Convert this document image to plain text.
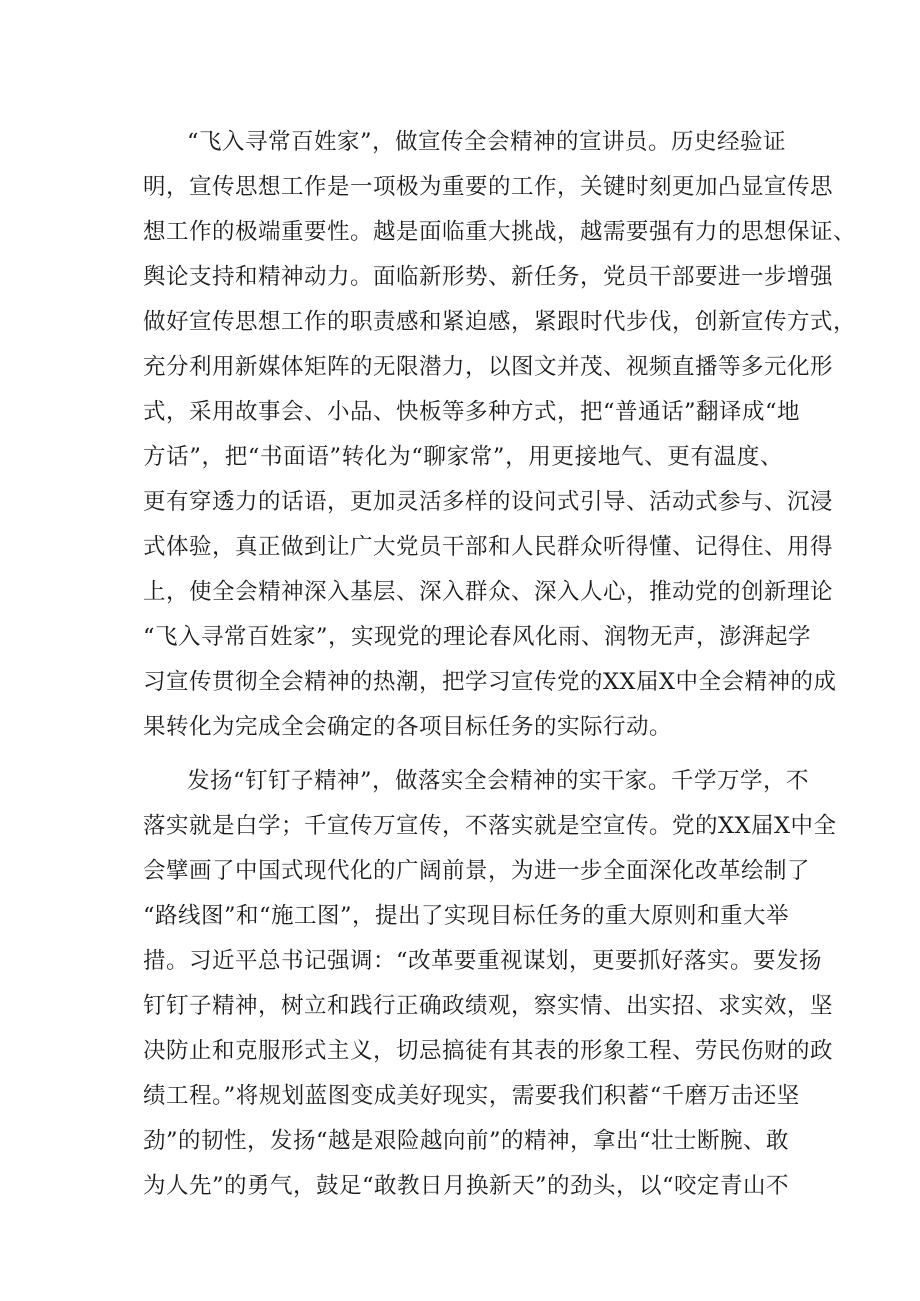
“飞入寻常百姓家”，做宣传全会精神的宣讲员。历史经验证
明，宣传思想工作是一项极为重要的工作，关键时刻更加凸显宣传思
想工作的极端重要性。越是面临重大挑战，越需要强有力的思想保证、
舆论支持和精神动力。面临新形势、新任务，党员干部要进一步增强
做好宣传思想工作的职责感和紧迫感，紧跟时代步伐，创新宣传方式，
充分利用新媒体矩阵的无限潜力，以图文并茂、视频直播等多元化形
式，采用故事会、小品、快板等多种方式，把“普通话”翻译成“地
方话”，把“书面语”转化为“聊家常”，用更接地气、更有温度、
更有穿透力的话语，更加灵活多样的设问式引导、活动式参与、沉浸
式体验，真正做到让广大党员干部和人民群众听得懂、记得住、用得
上，使全会精神深入基层、深入群众、深入人心，推动党的创新理论
“飞入寻常百姓家”，实现党的理论春风化雨、润物无声，澎湃起学
习宣传贯彻全会精神的热潮，把学习宣传党的XX届X中全会精神的成
果转化为完成全会确定的各项目标任务的实际行动。
发扬“钉钉子精神”，做落实全会精神的实干家。千学万学，不
落实就是白学；千宣传万宣传，不落实就是空宣传。党的XX届X中全
会擘画了中国式现代化的广阔前景，为进一步全面深化改革绘制了
“路线图”和“施工图”，提出了实现目标任务的重大原则和重大举
措。习近平总书记强调：“改革要重视谋划，更要抓好落实。要发扬
钉钉子精神，树立和践行正确政绩观，察实情、出实招、求实效，坚
决防止和克服形式主义，切忌搞徒有其表的形象工程、劳民伤财的政
绩工程。”将规划蓝图变成美好现实，需要我们积蓄“千磨万击还坚
劲”的韧性，发扬“越是艰险越向前”的精神，拿出“壮士断腕、敢
为人先”的勇气，鼓足“敢教日月换新天”的劲头，以“咬定青山不
